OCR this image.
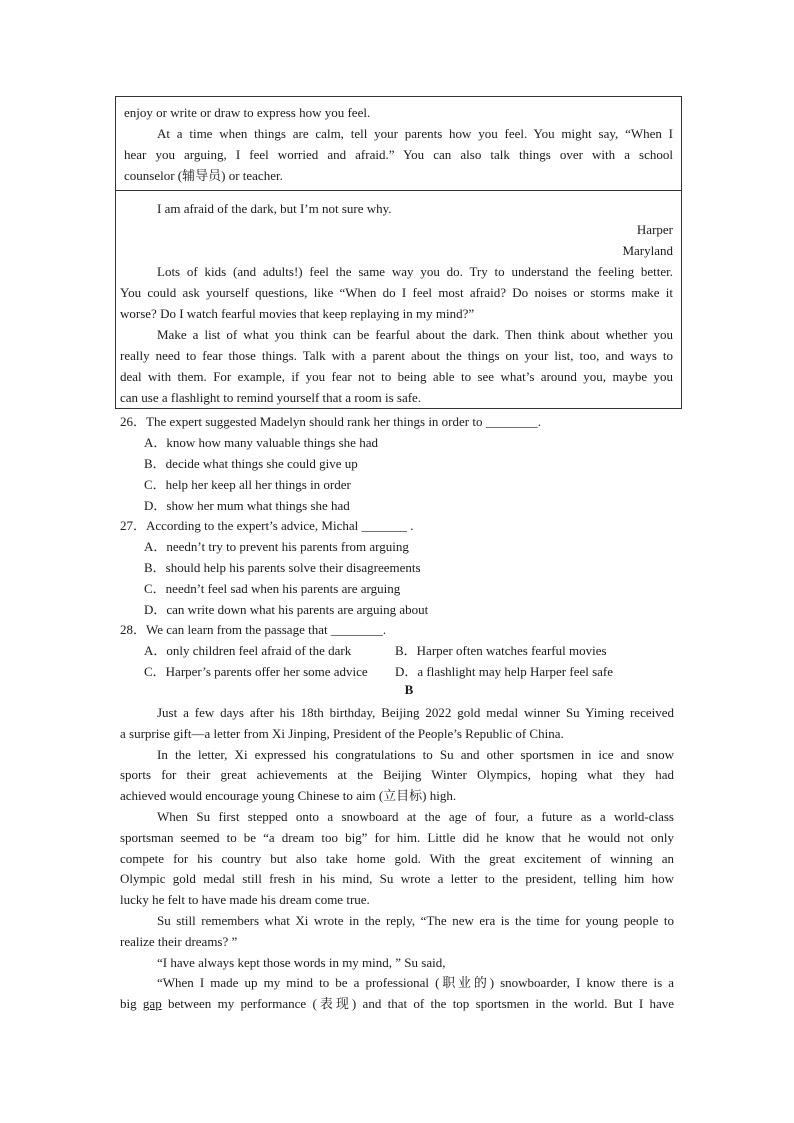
enjoy or write or draw to express how you feel.
At a time when things are calm, tell your parents how you feel. You might say, “When I
hear you arguing, I feel worried and afraid.” You can also talk things over with a school
counselor (辅导员) or teacher.
I am afraid of the dark, but I’m not sure why.
Harper
Maryland
Lots of kids (and adults!) feel the same way you do. Try to understand the feeling better.
You could ask yourself questions, like “When do I feel most afraid? Do noises or storms make it
worse? Do I watch fearful movies that keep replaying in my mind?”
Make a list of what you think can be fearful about the dark. Then think about whether you
really need to fear those things. Talk with a parent about the things on your list, too, and ways to
deal with them. For example, if you fear not to being able to see what’s around you, maybe you
can use a flashlight to remind yourself that a room is safe.
26．The expert suggested Madelyn should rank her things in order to ________.
A．know how many valuable things she had
B．decide what things she could give up
C．help her keep all her things in order
D．show her mum what things she had
27．According to the expert’s advice, Michal _______ .
A．needn’t try to prevent his parents from arguing
B．should help his parents solve their disagreements
C．needn’t feel sad when his parents are arguing
D．can write down what his parents are arguing about
28．We can learn from the passage that ________.
A．only children feel afraid of the dark	B．Harper often watches fearful movies
C．Harper’s parents offer her some advice D．a flashlight may help Harper feel safe
B
Just a few days after his 18th birthday, Beijing 2022 gold medal winner Su Yiming received
a surprise gift—a letter from Xi Jinping, President of the People’s Republic of China.
In the letter, Xi expressed his congratulations to Su and other sportsmen in ice and snow
sports for their great achievements at the Beijing Winter Olympics, hoping what they had
achieved would encourage young Chinese to aim (立目标) high.
When Su first stepped onto a snowboard at the age of four, a future as a world-class
sportsman seemed to be “a dream too big” for him. Little did he know that he would not only
compete for his country but also take home gold. With the great excitement of winning an
Olympic gold medal still fresh in his mind, Su wrote a letter to the president, telling him how
lucky he felt to have made his dream come true.
Su still remembers what Xi wrote in the reply, “The new era is the time for young people to
realize their dreams? ”
“I have always kept those words in my mind, ” Su said,
“When I made up my mind to be a professional (职业的) snowboarder, I know there is a
big gap between my performance (表现) and that of the top sportsmen in the world. But I have
